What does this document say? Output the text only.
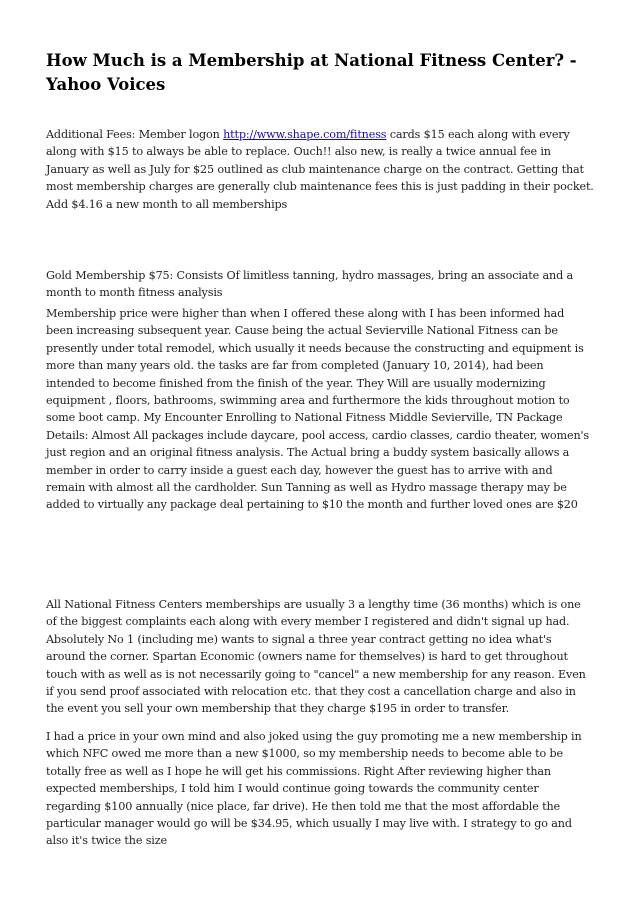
How Much is a Membership at National Fitness Center? - Yahoo Voices

Additional Fees: Member logon http://www.shape.com/fitness cards $15 each along with every along with $15 to always be able to replace. Ouch!! also new, is really a twice annual fee in January as well as July for $25 outlined as club maintenance charge on the contract. Getting that most membership charges are generally club maintenance fees this is just padding in their pocket. Add $4.16 a new month to all memberships

Gold Membership $75: Consists Of limitless tanning, hydro massages, bring an associate and a month to month fitness analysis

Membership price were higher than when I offered these along with I has been informed had been increasing subsequent year. Cause being the actual Sevierville National Fitness can be presently under total remodel, which usually it needs because the constructing and equipment is more than many years old. the tasks are far from completed (January 10, 2014), had been intended to become finished from the finish of the year. They Will are usually modernizing equipment , floors, bathrooms, swimming area and furthermore the kids throughout motion to some boot camp. My Encounter Enrolling to National Fitness Middle Sevierville, TN Package Details: Almost All packages include daycare, pool access, cardio classes, cardio theater, women's just region and an original fitness analysis. The Actual bring a buddy system basically allows a member in order to carry inside a guest each day, however the guest has to arrive with and remain with almost all the cardholder. Sun Tanning as well as Hydro massage therapy may be added to virtually any package deal pertaining to $10 the month and further loved ones are $20

All National Fitness Centers memberships are usually 3 a lengthy time (36 months) which is one of the biggest complaints each along with every member I registered and didn't signal up had. Absolutely No 1 (including me) wants to signal a three year contract getting no idea what's around the corner. Spartan Economic (owners name for themselves) is hard to get throughout touch with as well as is not necessarily going to "cancel" a new membership for any reason. Even if you send proof associated with relocation etc. that they cost a cancellation charge and also in the event you sell your own membership that they charge $195 in order to transfer.

I had a price in your own mind and also joked using the guy promoting me a new membership in which NFC owed me more than a new $1000, so my membership needs to become able to be totally free as well as I hope he will get his commissions. Right After reviewing higher than expected memberships, I told him I would continue going towards the community center regarding $100 annually (nice place, far drive). He then told me that the most affordable the particular manager would go will be $34.95, which usually I may live with. I strategy to go and also it's twice the size
